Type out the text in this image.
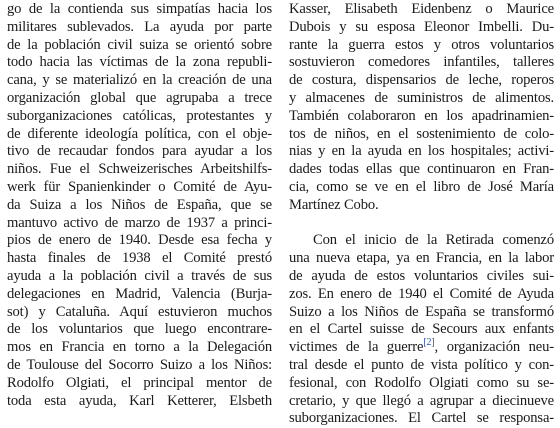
go de la contienda sus simpatías hacia los
militares sublevados. La ayuda por parte
de la población civil suiza se orientó sobre
todo hacia las víctimas de la zona republi-
cana, y se materializó en la creación de una
organización global que agrupaba a trece
suborganizaciones católicas, protestantes y
de diferente ideología política, con el obje-
tivo de recaudar fondos para ayudar a los
niños. Fue el Schweizerisches Arbeitshilfs-
werk für Spanienkinder o Comité de Ayu-
da Suiza a los Niños de España, que se
mantuvo activo de marzo de 1937 a princi-
pios de enero de 1940. Desde esa fecha y
hasta finales de 1938 el Comité prestó
ayuda a la población civil a través de sus
delegaciones en Madrid, Valencia (Burja-
sot) y Cataluña. Aquí estuvieron muchos
de los voluntarios que luego encontrare-
mos en Francia en torno a la Delegación
de Toulouse del Socorro Suizo a los Niños:
Rodolfo Olgiati, el principal mentor de
toda esta ayuda, Karl Ketterer, Elsbeth
Kasser, Elisabeth Eidenbenz o Maurice
Dubois y su esposa Eleonor Imbelli. Du-
rante la guerra estos y otros voluntarios
sostuvieron comedores infantiles, talleres
de costura, dispensarios de leche, roperos
y almacenes de suministros de alimentos.
También colaboraron en los apadrinamien-
tos de niños, en el sostenimiento de colo-
nias y en la ayuda en los hospitales; activi-
dades todas ellas que continuaron en Fran-
cia, como se ve en el libro de José María
Martínez Cobo.
Con el inicio de la Retirada comenzó
una nueva etapa, ya en Francia, en la labor
de ayuda de estos voluntarios civiles sui-
zos. En enero de 1940 el Comité de Ayuda
Suizo a los Niños de España se transformó
en el Cartel suisse de Secours aux enfants
victimes de la guerre[2], organización neu-
tral desde el punto de vista político y con-
fesional, con Rodolfo Olgiati como su se-
cretario, y que llegó a agrupar a diecinueve
suborganizaciones. El Cartel se responsa-
